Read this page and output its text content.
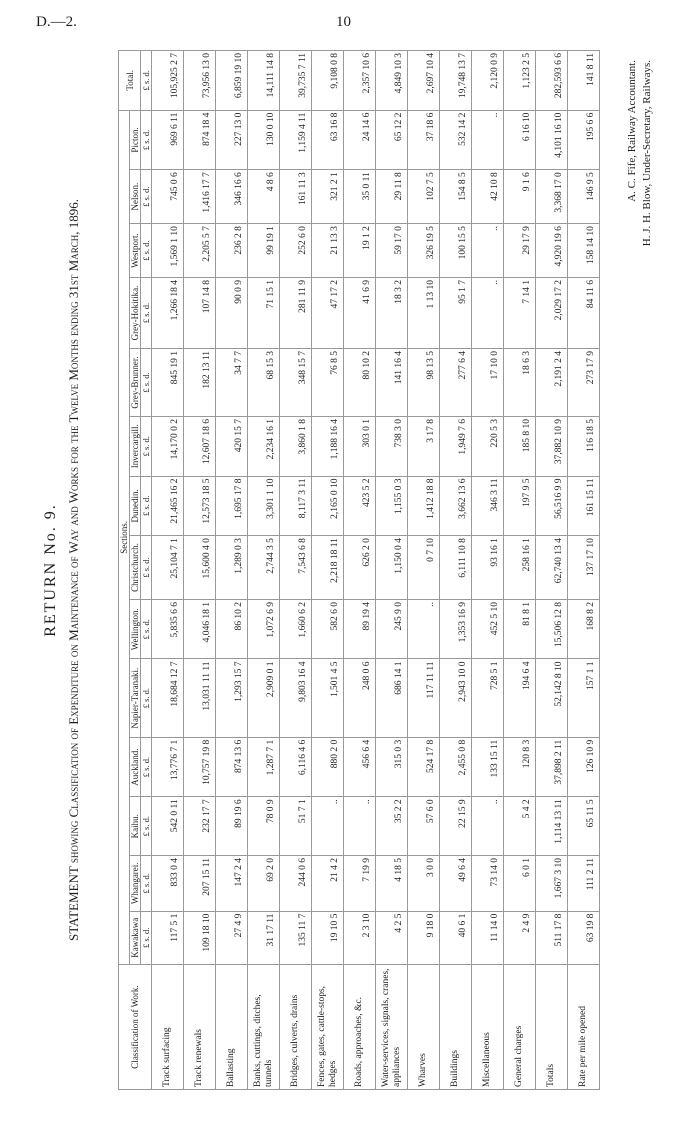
D.—2.	10
RETURN No. 9. STATEMENT showing Classification of Expenditure on Maintenance of Way and Works for the Twelve Months ending 31st March, 1896.
Classification of Work.	Sections.														Total.
	Kawakawa	Whangarei.	Kaihu.	Auckland.	Napier-Taranaki.	Wellington.	Christchurch.	Dunedin.	Invercargill.	Grey-Brunner.	Grey-Hokitika.	Westport.	Nelson.	Picton.	
	£ s. d.	£ s. d.	£ s. d.	£ s. d.	£ s. d.	£ s. d.	£ s. d.	£ s. d.	£ s. d.	£ s. d.	£ s. d.	£ s. d.	£ s. d.	£ s. d.	£ s. d.
Track surfacing	117 5 1	833 0 4	542 0 11	13,776 7 1	18,684 12 7	5,835 6 6	25,104 7 1	21,465 16 2	14,170 0 2	845 19 1	1,266 18 4	1,569 1 10	745 0 6	969 6 11	105,925 2 7
Track renewals	109 18 10	207 15 11	232 17 7	10,757 19 8	13,031 11 11	4,046 18 1	15,600 4 0	12,573 18 5	12,607 18 6	182 13 11	107 14 8	2,205 5 7	1,416 17 7	874 18 4	73,956 13 0
Ballasting	27 4 9	147 2 4	89 19 6	874 13 6	1,293 15 7	86 10 2	1,289 0 3	1,695 17 8	420 15 7	34 7 7	90 0 9	236 2 8	346 16 6	227 13 0	6,859 19 10
Banks, cuttings, ditches, tunnels	31 17 11	69 2 0	78 0 9	1,287 7 1	2,909 0 1	1,072 6 9	2,744 3 5	3,301 1 10	2,234 16 1	68 15 3	71 15 1	99 19 1	4 8 6	130 0 10	14,111 14 8
Bridges, culverts, drains	135 11 7	244 0 6	51 7 1	6,116 4 6	9,803 16 4	1,660 6 2	7,543 6 8	8,117 3 11	3,860 1 8	348 15 7	281 11 9	252 6 0	161 11 3	1,159 4 11	39,735 7 11
Fences, gates, cattle-stops, hedges	19 10 5	21 4 2	..	880 2 0	1,501 4 5	582 6 0	2,218 18 11	2,165 0 10	1,188 16 4	76 8 5	47 17 2	21 13 3	321 2 1	63 16 8	9,108 0 8
Roads, approaches, &c.	2 3 10	7 19 9	..	456 6 4	248 0 6	89 19 4	626 2 0	423 5 2	303 0 1	80 10 2	41 6 9	19 1 2	35 0 11	24 14 6	2,357 10 6
Water-services, signals, cranes, appliances	4 2 5	4 18 5	35 2 2	315 0 3	686 14 1	245 9 0	1,150 0 4	1,155 0 3	738 3 0	141 16 4	18 3 2	59 17 0	29 11 8	65 12 2	4,849 10 3
Wharves	9 18 0	3 0 0	57 6 0	524 17 8	117 11 11	..	0 7 10	1,412 18 8	3 17 8	98 13 5	1 13 10	326 19 5	102 7 5	37 18 6	2,697 10 4
Buildings	40 6 1	49 6 4	22 15 9	2,455 0 8	2,943 10 0	1,353 16 9	6,111 10 8	3,662 13 6	1,949 7 6	277 6 4	95 1 7	100 15 5	154 8 5	532 14 2	19,748 13 7
Miscellaneous	11 14 0	73 14 0	..	133 15 11	728 5 1	452 5 10	93 16 1	346 3 11	220 5 3	17 10 0	..	..	42 10 8	..	2,120 0 9
General charges	2 4 9	6 0 1	5 4 2	120 8 3	194 6 4	81 8 1	258 16 1	197 9 5	185 8 10	18 6 3	7 14 1	29 17 9	9 1 6	6 16 10	1,123 2 5
Totals	511 17 8	1,667 3 10	1,114 13 11	37,898 2 11	52,142 8 10	15,506 12 8	62,740 13 4	56,516 9 9	37,882 10 9	2,191 2 4	2,029 17 2	4,920 19 6	3,368 17 0	4,101 16 10	282,593 6 6
Rate per mile opened	63 19 8	111 2 11	65 11 5	126 10 9	157 1 1	168 8 2	137 17 10	161 15 11	116 18 5	273 17 9	84 11 6	158 14 10	146 9 5	195 6 6	141 8 11	A. C. Fife, Railway Accountant. H. J. H. Blow, Under-Secretary, Railways.
